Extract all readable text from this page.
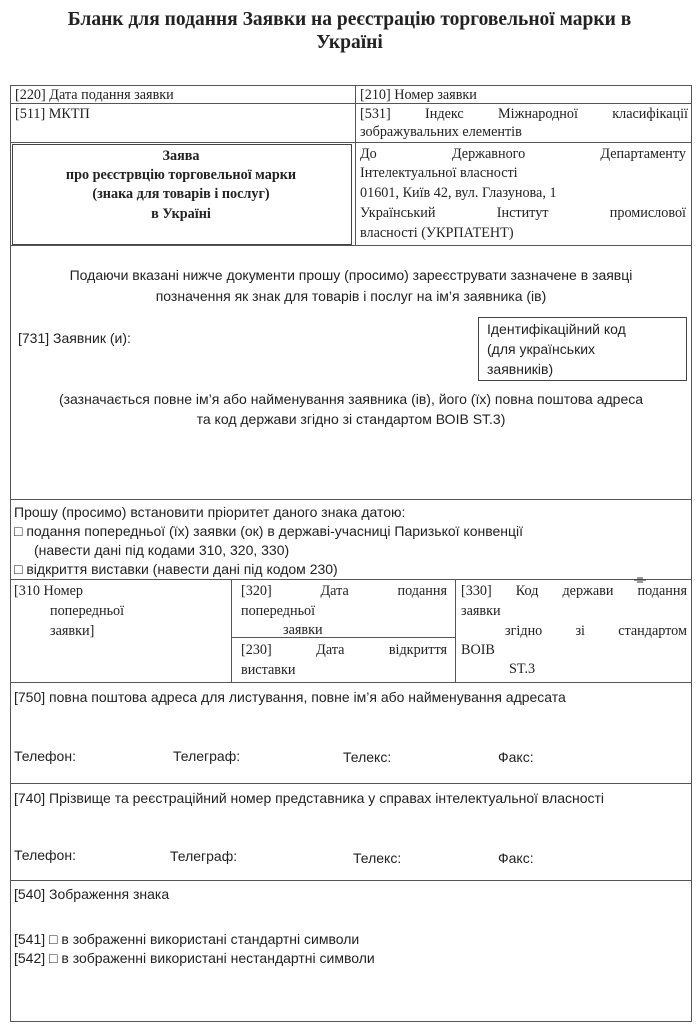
Бланк для подання Заявки на реєстрацію торговельної марки в
Україні
[220] Дата подання заявки	[210] Номер заявки
[511] МКТП	[531] Індекс Міжнародної класифікації
зображувальних елементів
Заява
про реєстрвцію торговельної марки
(знака для товарів і послуг)
в Україні
До Державного Департаменту
Інтелектуальної власності
01601, Київ 42, вул. Глазунова, 1
Український Інститут промислової
власності (УКРПАТЕНТ)
Подаючи вказані нижче документи прошу (просимо) зареєструвати зазначене в заявці
позначення як знак для товарів і послуг на ім’я заявника (ів)
[731] Заявник (и):
Ідентифікаційний код
(для українських
заявників)
(зазначається повне ім’я або найменування заявника (ів), його (їх) повна поштова адреса
та код держави згідно зі стандартом ВОІВ ST.3)
Прошу (просимо) встановити пріоритет даного знака датою:
□ подання попередньої (їх) заявки (ок) в державі-учасниці Паризької конвенції
(навести дані під кодами 310, 320, 330)
□ відкриття виставки (навести дані під кодом 230)
[310 Номер
попередньої
заявки]
[320] Дата подання
попередньої
заявки
[230] Дата відкриття
виставки
[330] Код держави подання
заявки
згідно зі стандартом
ВОІВ
ST.3
[750] повна поштова адреса для листування, повне ім’я або найменування адресата
Телефон:	Телеграф:	Телекс:	Факс:
[740] Прізвище та реєстраційний номер представника у справах інтелектуальної власності
Телефон:	Телеграф:	Телекс:	Факс:
[540] Зображення знака
[541] □ в зображенні використані стандартні символи
[542] □ в зображенні використані нестандартні символи
